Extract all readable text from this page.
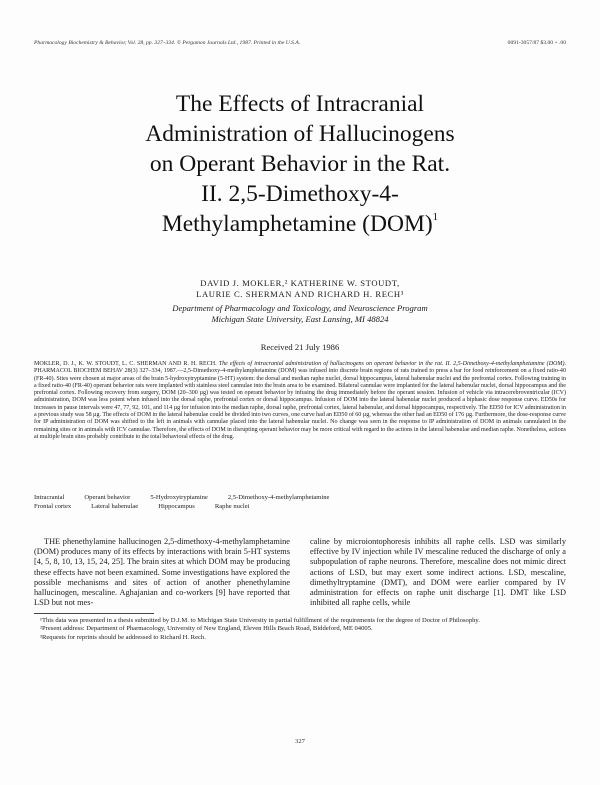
Pharmacology Biochemistry & Behavior, Vol. 28, pp. 327–334. © Pergamon Journals Ltd., 1987. Printed in the U.S.A.	0091-3057/87 $3.00 + .00
The Effects of Intracranial
Administration of Hallucinogens
on Operant Behavior in the Rat.
II. 2,5-Dimethoxy-4-
Methylamphetamine (DOM)$^1$
DAVID J. MOKLER,² KATHERINE W. STOUDT,
LAURIE C. SHERMAN AND RICHARD H. RECH³
Department of Pharmacology and Toxicology, and Neuroscience Program
Michigan State University, East Lansing, MI 48824
Received 21 July 1986
MOKLER, D. J., K. W. STOUDT, L. C. SHERMAN AND R. H. RECH. The effects of intracranial administration of hallucinogens on operant behavior in the rat. II. 2,5-Dimethoxy-4-methylamphetamine (DOM). PHARMACOL BIOCHEM BEHAV 28(3) 327–334, 1987.—2,5-Dimethoxy-4-methylamphetamine (DOM) was infused into discrete brain regions of rats trained to press a bar for food reinforcement on a fixed ratio-40 (FR-40). Sites were chosen at major areas of the brain 5-hydroxytryptamine (5-HT) system: the dorsal and median raphe nuclei, dorsal hippocampus, lateral habenular nuclei and the prefrontal cortex. Following training in a fixed ratio-40 (FR-40) operant behavior rats were implanted with stainless steel cannulae into the brain area to be examined. Bilateral cannulae were implanted for the lateral habenular nuclei, dorsal hippocampus and the prefrontal cortex. Following recovery from surgery, DOM (20–300 µg) was tested on operant behavior by infusing the drug immediately before the operant session. Infusion of vehicle via intracerebroventricular (ICV) administration, DOM was less potent when infused into the dorsal raphe, prefrontal cortex or dorsal hippocampus. Infusion of DOM into the lateral habenular nuclei produced a biphasic dose response curve. ED50s for increases in pause intervals were 47, 77, 92, 101, and 114 µg for infusion into the median raphe, dorsal raphe, prefrontal cortex, lateral habenular, and dorsal hippocampus, respectively. The ED50 for ICV administration in a previous study was 58 µg. The effects of DOM in the lateral habenulae could be divided into two curves, one curve had an ED50 of 60 µg, whereas the other had an ED50 of 176 µg. Furthermore, the dose-response curve for IP administration of DOM was shifted to the left in animals with cannulae placed into the lateral habenular nuclei. No change was seen in the response to IP administration of DOM in animals cannulated in the remaining sites or in animals with ICV cannulae. Therefore, the effects of DOM in disrupting operant behavior may be more critical with regard to the actions in the lateral habenulae and median raphe. Nonetheless, actions at multiple brain sites probably contribute to the total behavioral effects of the drug.
Intracranial	Operant behavior	5-Hydroxytryptamine	2,5-Dimethoxy-4-methylamphetamine
Frontal cortex	Lateral habenulae	Hippocampus	Raphe nuclei
THE phenethylamine hallucinogen 2,5-dimethoxy-4-methylamphetamine (DOM) produces many of its effects by interactions with brain 5-HT systems [4, 5, 8, 10, 13, 15, 24, 25]. The brain sites at which DOM may be producing these effects have not been examined. Some investigations have explored the possible mechanisms and sites of action of another phenethylamine hallucinogen, mescaline. Aghajanian and co-workers [9] have reported that LSD but not mes-
caline by microiontophoresis inhibits all raphe cells. LSD was similarly effective by IV injection while IV mescaline reduced the discharge of only a subpopulation of raphe neurons. Therefore, mescaline does not mimic direct actions of LSD, but may exert some indirect actions. LSD, mescaline, dimethyltryptamine (DMT), and DOM were earlier compared by IV administration for effects on raphe unit discharge [1]. DMT like LSD inhibited all raphe cells, while

¹This data was presented in a thesis submitted by D.J.M. to Michigan State University in partial fulfillment of the requirements for the degree of Doctor of Philosophy.

²Present address: Department of Pharmacology, University of New England, Eleven Hills Beach Road, Biddeford, ME 04005.

³Requests for reprints should be addressed to Richard H. Rech.

327
